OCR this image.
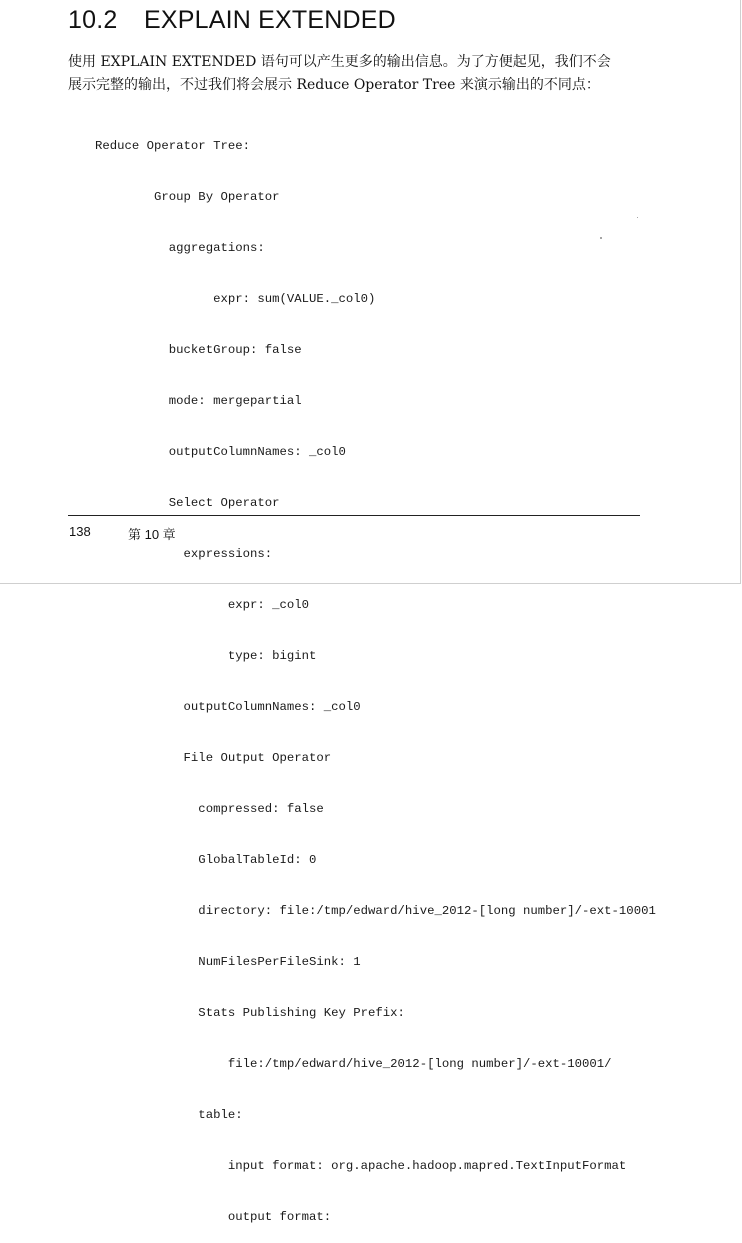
10.2 EXPLAIN EXTENDED
使用 EXPLAIN EXTENDED 语句可以产生更多的输出信息。为了方便起见，我们不会
展示完整的输出，不过我们将会展示 Reduce Operator Tree 来演示输出的不同点：

Reduce Operator Tree:

Group By Operator

aggregations:

expr: sum(VALUE._col0)

bucketGroup: false

mode: mergepartial

outputColumnNames: _col0

Select Operator

expressions:

expr: _col0

type: bigint

outputColumnNames: _col0

File Output Operator

compressed: false

GlobalTableId: 0

directory: file:/tmp/edward/hive_2012-[long number]/-ext-10001

NumFilesPerFileSink: 1

Stats Publishing Key Prefix:

file:/tmp/edward/hive_2012-[long number]/-ext-10001/

table:

input format: org.apache.hadoop.mapred.TextInputFormat

output format:

138	第 10 章
